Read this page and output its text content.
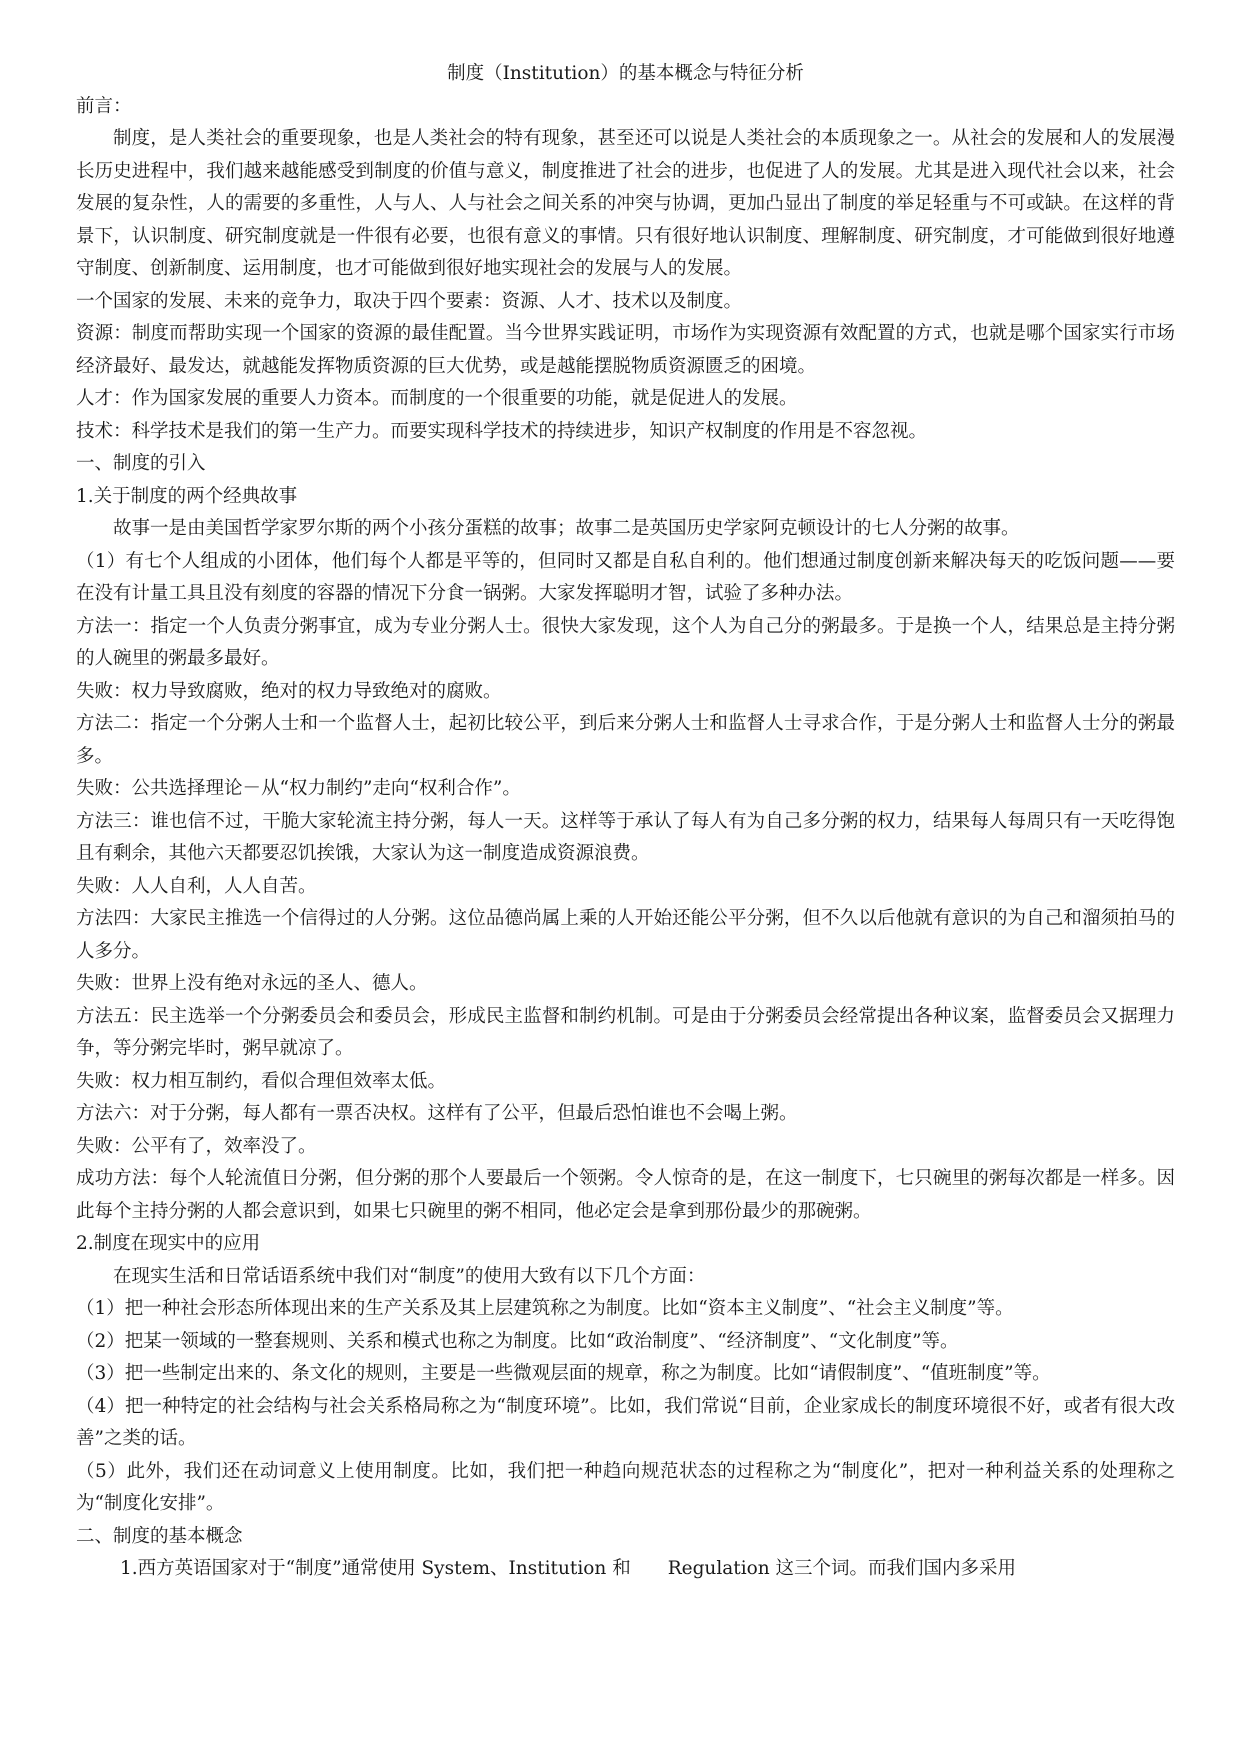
制度（Institution）的基本概念与特征分析

前言：

制度，是人类社会的重要现象，也是人类社会的特有现象，甚至还可以说是人类社会的本质现象之一。从社会的发展和人的发展漫长历史进程中，我们越来越能感受到制度的价值与意义，制度推进了社会的进步，也促进了人的发展。尤其是进入现代社会以来，社会发展的复杂性，人的需要的多重性，人与人、人与社会之间关系的冲突与协调，更加凸显出了制度的举足轻重与不可或缺。在这样的背景下，认识制度、研究制度就是一件很有必要，也很有意义的事情。只有很好地认识制度、理解制度、研究制度，才可能做到很好地遵守制度、创新制度、运用制度，也才可能做到很好地实现社会的发展与人的发展。

一个国家的发展、未来的竞争力，取决于四个要素：资源、人才、技术以及制度。

资源：制度而帮助实现一个国家的资源的最佳配置。当今世界实践证明，市场作为实现资源有效配置的方式，也就是哪个国家实行市场经济最好、最发达，就越能发挥物质资源的巨大优势，或是越能摆脱物质资源匮乏的困境。

人才：作为国家发展的重要人力资本。而制度的一个很重要的功能，就是促进人的发展。

技术：科学技术是我们的第一生产力。而要实现科学技术的持续进步，知识产权制度的作用是不容忽视。

一、制度的引入

1.关于制度的两个经典故事

故事一是由美国哲学家罗尔斯的两个小孩分蛋糕的故事；故事二是英国历史学家阿克顿设计的七人分粥的故事。

（1）有七个人组成的小团体，他们每个人都是平等的，但同时又都是自私自利的。他们想通过制度创新来解决每天的吃饭问题——要在没有计量工具且没有刻度的容器的情况下分食一锅粥。大家发挥聪明才智，试验了多种办法。

方法一：指定一个人负责分粥事宜，成为专业分粥人士。很快大家发现，这个人为自己分的粥最多。于是换一个人，结果总是主持分粥的人碗里的粥最多最好。

失败：权力导致腐败，绝对的权力导致绝对的腐败。

方法二：指定一个分粥人士和一个监督人士，起初比较公平，到后来分粥人士和监督人士寻求合作，于是分粥人士和监督人士分的粥最多。

失败：公共选择理论－从“权力制约”走向“权利合作”。

方法三：谁也信不过，干脆大家轮流主持分粥，每人一天。这样等于承认了每人有为自己多分粥的权力，结果每人每周只有一天吃得饱且有剩余，其他六天都要忍饥挨饿，大家认为这一制度造成资源浪费。

失败：人人自利，人人自苦。

方法四：大家民主推选一个信得过的人分粥。这位品德尚属上乘的人开始还能公平分粥，但不久以后他就有意识的为自己和溜须拍马的人多分。

失败：世界上没有绝对永远的圣人、德人。

方法五：民主选举一个分粥委员会和委员会，形成民主监督和制约机制。可是由于分粥委员会经常提出各种议案，监督委员会又据理力争，等分粥完毕时，粥早就凉了。

失败：权力相互制约，看似合理但效率太低。

方法六：对于分粥，每人都有一票否决权。这样有了公平，但最后恐怕谁也不会喝上粥。

失败：公平有了，效率没了。

成功方法：每个人轮流值日分粥，但分粥的那个人要最后一个领粥。令人惊奇的是，在这一制度下，七只碗里的粥每次都是一样多。因此每个主持分粥的人都会意识到，如果七只碗里的粥不相同，他必定会是拿到那份最少的那碗粥。

2.制度在现实中的应用

在现实生活和日常话语系统中我们对“制度”的使用大致有以下几个方面：

（1）把一种社会形态所体现出来的生产关系及其上层建筑称之为制度。比如“资本主义制度”、“社会主义制度”等。

（2）把某一领域的一整套规则、关系和模式也称之为制度。比如“政治制度”、“经济制度”、“文化制度”等。

（3）把一些制定出来的、条文化的规则，主要是一些微观层面的规章，称之为制度。比如“请假制度”、“值班制度”等。

（4）把一种特定的社会结构与社会关系格局称之为“制度环境”。比如，我们常说“目前，企业家成长的制度环境很不好，或者有很大改善”之类的话。

（5）此外，我们还在动词意义上使用制度。比如，我们把一种趋向规范状态的过程称之为“制度化”，把对一种利益关系的处理称之为“制度化安排”。

二、制度的基本概念

1.西方英语国家对于“制度”通常使用 System、Institution 和　　Regulation 这三个词。而我们国内多采用
